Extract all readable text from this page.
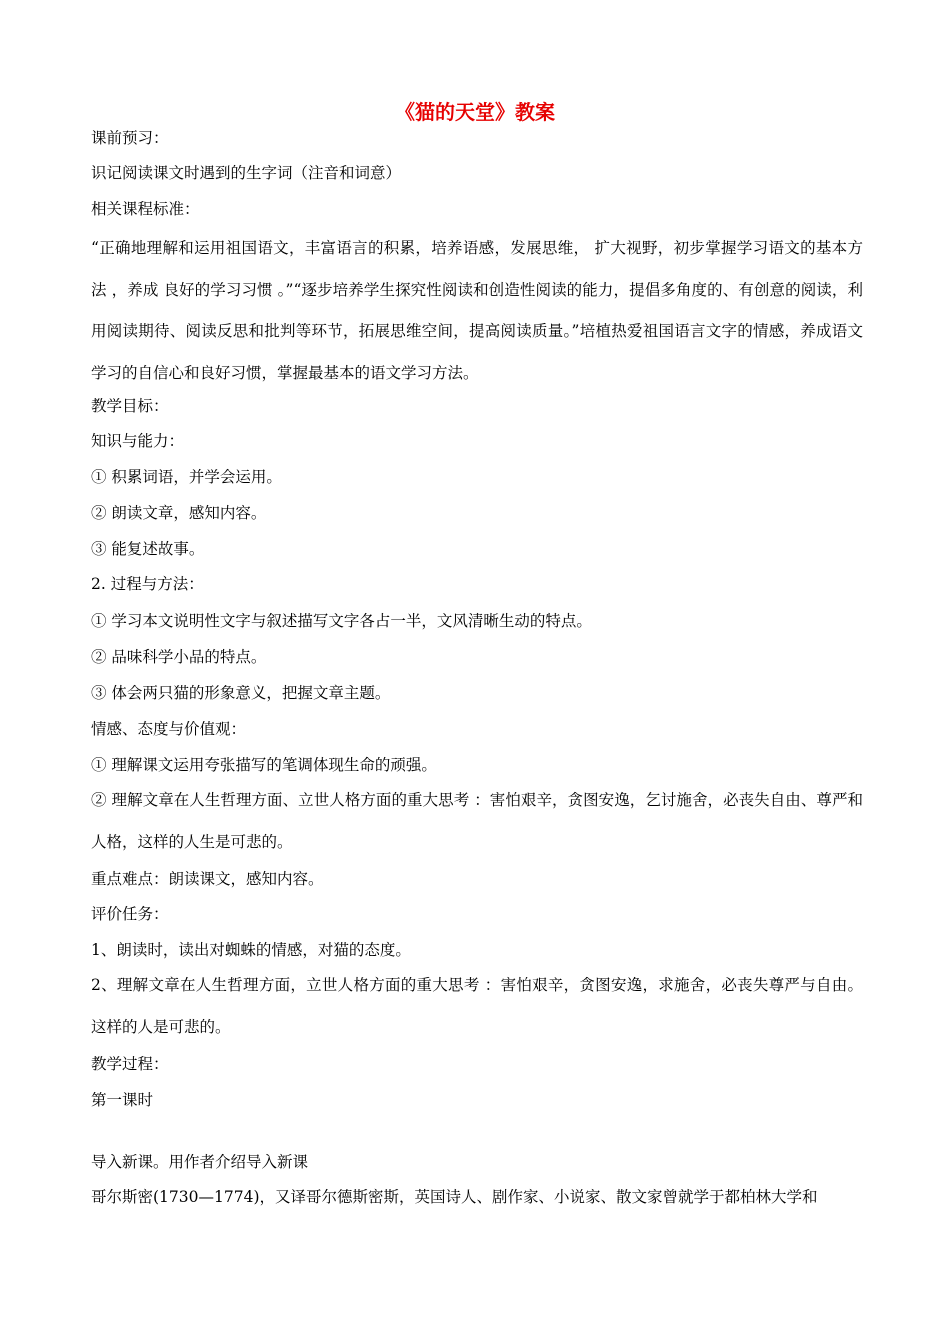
《猫的天堂》教案
课前预习：
识记阅读课文时遇到的生字词（注音和词意）
相关课程标准：
“正确地理解和运用祖国语文，丰富语言的积累，培养语感，发展思维， 扩大视野，初步掌握学习语文的基本方法 ，养成 良好的学习习惯 。”“逐步培养学生探究性阅读和创造性阅读的能力，提倡多角度的、有创意的阅读，利用阅读期待、阅读反思和批判等环节，拓展思维空间，提高阅读质量。”培植热爱祖国语言文字的情感，养成语文学习的自信心和良好习惯，掌握最基本的语文学习方法。
教学目标：
知识与能力：
① 积累词语，并学会运用。
② 朗读文章，感知内容。
③ 能复述故事。
2. 过程与方法：
① 学习本文说明性文字与叙述描写文字各占一半，文风清晰生动的特点。
② 品味科学小品的特点。
③ 体会两只猫的形象意义，把握文章主题。
情感、态度与价值观：
① 理解课文运用夸张描写的笔调体现生命的顽强。
② 理解文章在人生哲理方面、立世人格方面的重大思考 ：害怕艰辛，贪图安逸，乞讨施舍，必丧失自由、尊严和人格，这样的人生是可悲的。
重点难点：朗读课文，感知内容。
评价任务：
1、朗读时，读出对蜘蛛的情感，对猫的态度。
2、理解文章在人生哲理方面，立世人格方面的重大思考 ：害怕艰辛，贪图安逸，求施舍，必丧失尊严与自由。这样的人是可悲的。
教学过程：
第一课时
导入新课。用作者介绍导入新课
哥尔斯密(1730—1774)，又译哥尔德斯密斯，英国诗人、剧作家、小说家、散文家曾就学于都柏林大学和
